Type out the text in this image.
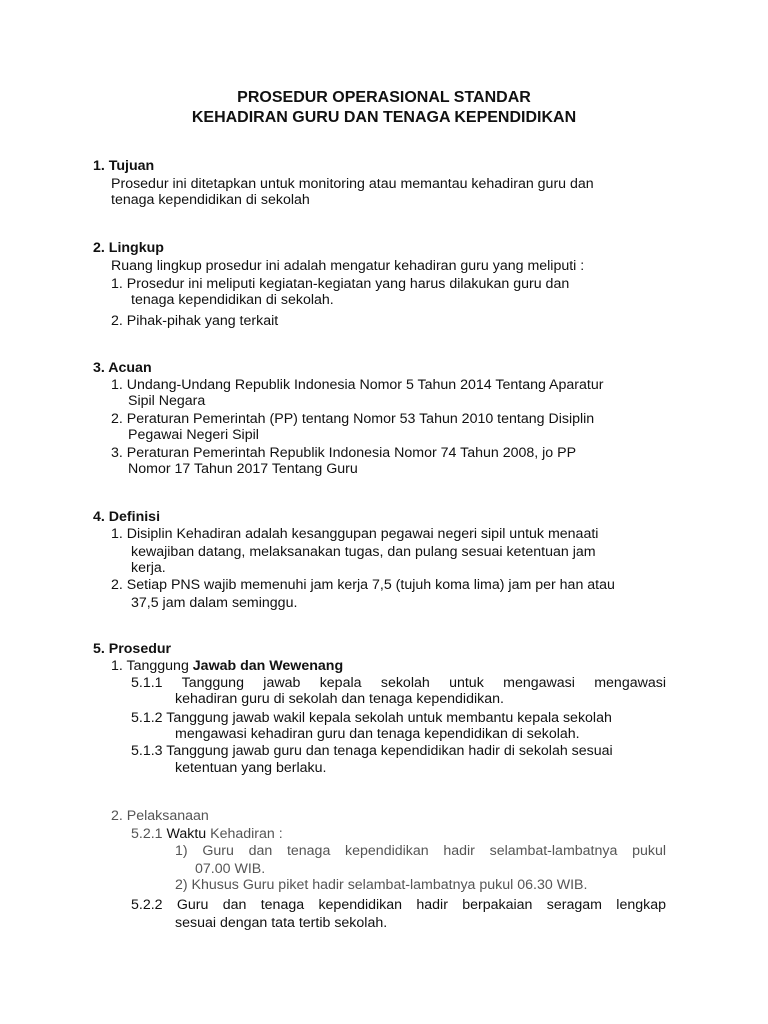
PROSEDUR OPERASIONAL STANDAR
KEHADIRAN GURU DAN TENAGA KEPENDIDIKAN
1. Tujuan
Prosedur ini ditetapkan untuk monitoring atau memantau kehadiran guru dan
tenaga kependidikan di sekolah
2. Lingkup
Ruang lingkup prosedur ini adalah mengatur kehadiran guru yang meliputi :
1. Prosedur ini meliputi kegiatan-kegiatan yang harus dilakukan guru dan
tenaga kependidikan di sekolah.
2. Pihak-pihak yang terkait
3. Acuan
1. Undang-Undang Republik Indonesia Nomor 5 Tahun 2014 Tentang Aparatur
Sipil Negara
2. Peraturan Pemerintah (PP) tentang Nomor 53 Tahun 2010 tentang Disiplin
Pegawai Negeri Sipil
3. Peraturan Pemerintah Republik Indonesia Nomor 74 Tahun 2008, jo PP
Nomor 17 Tahun 2017 Tentang Guru
4. Definisi
1. Disiplin Kehadiran adalah kesanggupan pegawai negeri sipil untuk menaati
kewajiban datang, melaksanakan tugas, dan pulang sesuai ketentuan jam
kerja.
2. Setiap PNS wajib memenuhi jam kerja 7,5 (tujuh koma lima) jam per han atau
37,5 jam dalam seminggu.
5. Prosedur
1. Tanggung Jawab dan Wewenang
5.1.1 Tanggung jawab kepala sekolah untuk mengawasi mengawasi
kehadiran guru di sekolah dan tenaga kependidikan.
5.1.2 Tanggung jawab wakil kepala sekolah untuk membantu kepala sekolah
mengawasi kehadiran guru dan tenaga kependidikan di sekolah.
5.1.3 Tanggung jawab guru dan tenaga kependidikan hadir di sekolah sesuai
ketentuan yang berlaku.
2. Pelaksanaan
5.2.1 Waktu Kehadiran :
1) Guru dan tenaga kependidikan hadir selambat-lambatnya pukul
07.00 WIB.
2) Khusus Guru piket hadir selambat-lambatnya pukul 06.30 WIB.
5.2.2 Guru dan tenaga kependidikan hadir berpakaian seragam lengkap
sesuai dengan tata tertib sekolah.
